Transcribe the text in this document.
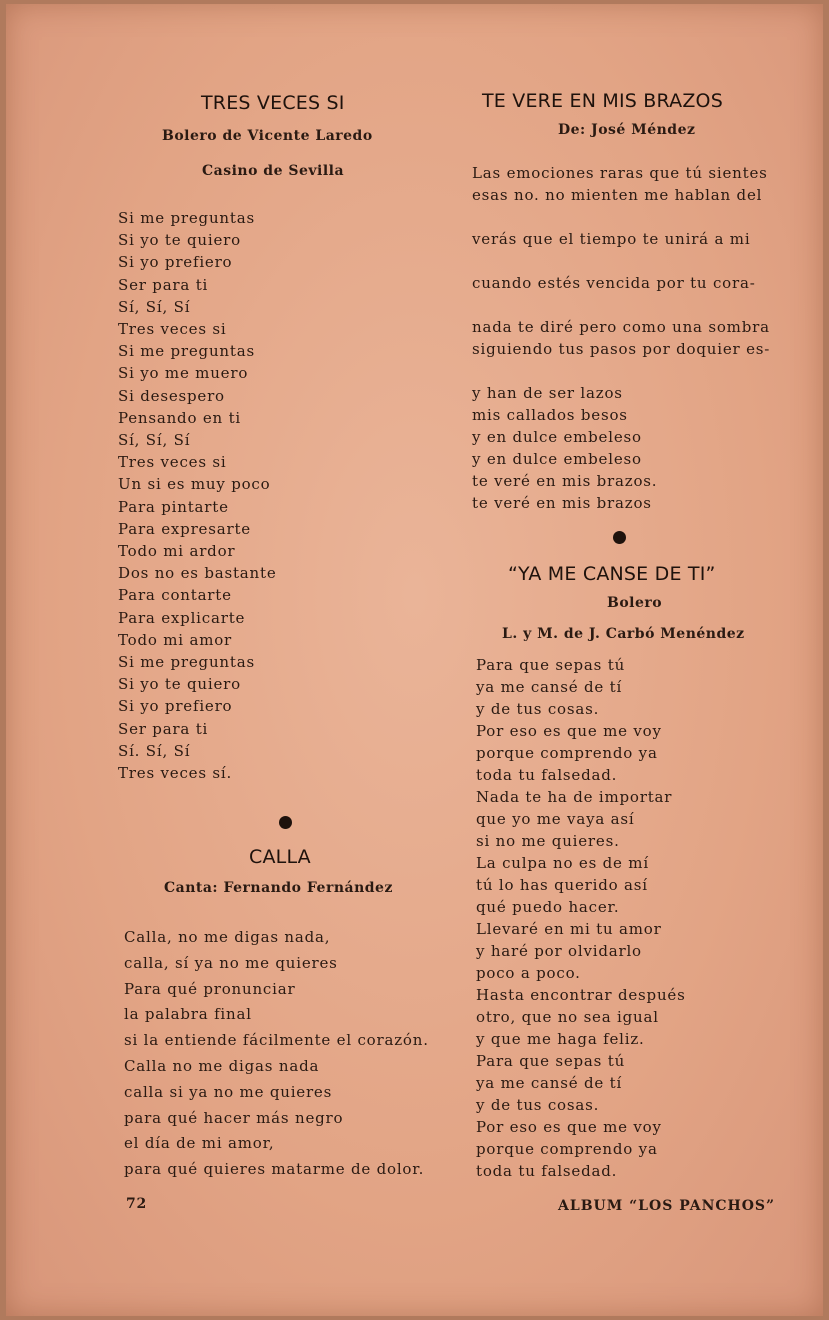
TRES VECES SI
Bolero de Vicente Laredo
Casino de Sevilla
Si me preguntas
Si yo te quiero
Si yo prefiero
Ser para ti
Sí, Sí, Sí
Tres veces si
Si me preguntas
Si yo me muero
Si desespero
Pensando en ti
Sí, Sí, Sí
Tres veces si
Un si es muy poco
Para pintarte
Para expresarte
Todo mi ardor
Dos no es bastante
Para contarte
Para explicarte
Todo mi amor
Si me preguntas
Si yo te quiero
Si yo prefiero
Ser para ti
Sí. Sí, Sí
Tres veces sí.
CALLA
Canta: Fernando Fernández
Calla, no me digas nada,
calla, sí ya no me quieres
Para qué pronunciar
la palabra final
si la entiende fácilmente el corazón.
Calla no me digas nada
calla si ya no me quieres
para qué hacer más negro
el día de mi amor,
para qué quieres matarme de dolor.
72
TE VERE EN MIS BRAZOS
De: José Méndez
Las emociones raras que tú sientes
esas no. no mienten me hablan del
verás que el tiempo te unirá a mi
cuando estés vencida por tu cora-
nada te diré pero como una sombra
siguiendo tus pasos por doquier es-
y han de ser lazos
mis callados besos
y en dulce embeleso
y en dulce embeleso
te veré en mis brazos.
te veré en mis brazos
“YA ME CANSE DE TI”
Bolero
L. y M. de J. Carbó Menéndez
Para que sepas tú
ya me cansé de tí
y de tus cosas.
Por eso es que me voy
porque comprendo ya
toda tu falsedad.
Nada te ha de importar
que yo me vaya así
si no me quieres.
La culpa no es de mí
tú lo has querido así
qué puedo hacer.
Llevaré en mi tu amor
y haré por olvidarlo
poco a poco.
Hasta encontrar después
otro, que no sea igual
y que me haga feliz.
Para que sepas tú
ya me cansé de tí
y de tus cosas.
Por eso es que me voy
porque comprendo ya
toda tu falsedad.
ALBUM “LOS PANCHOS”
